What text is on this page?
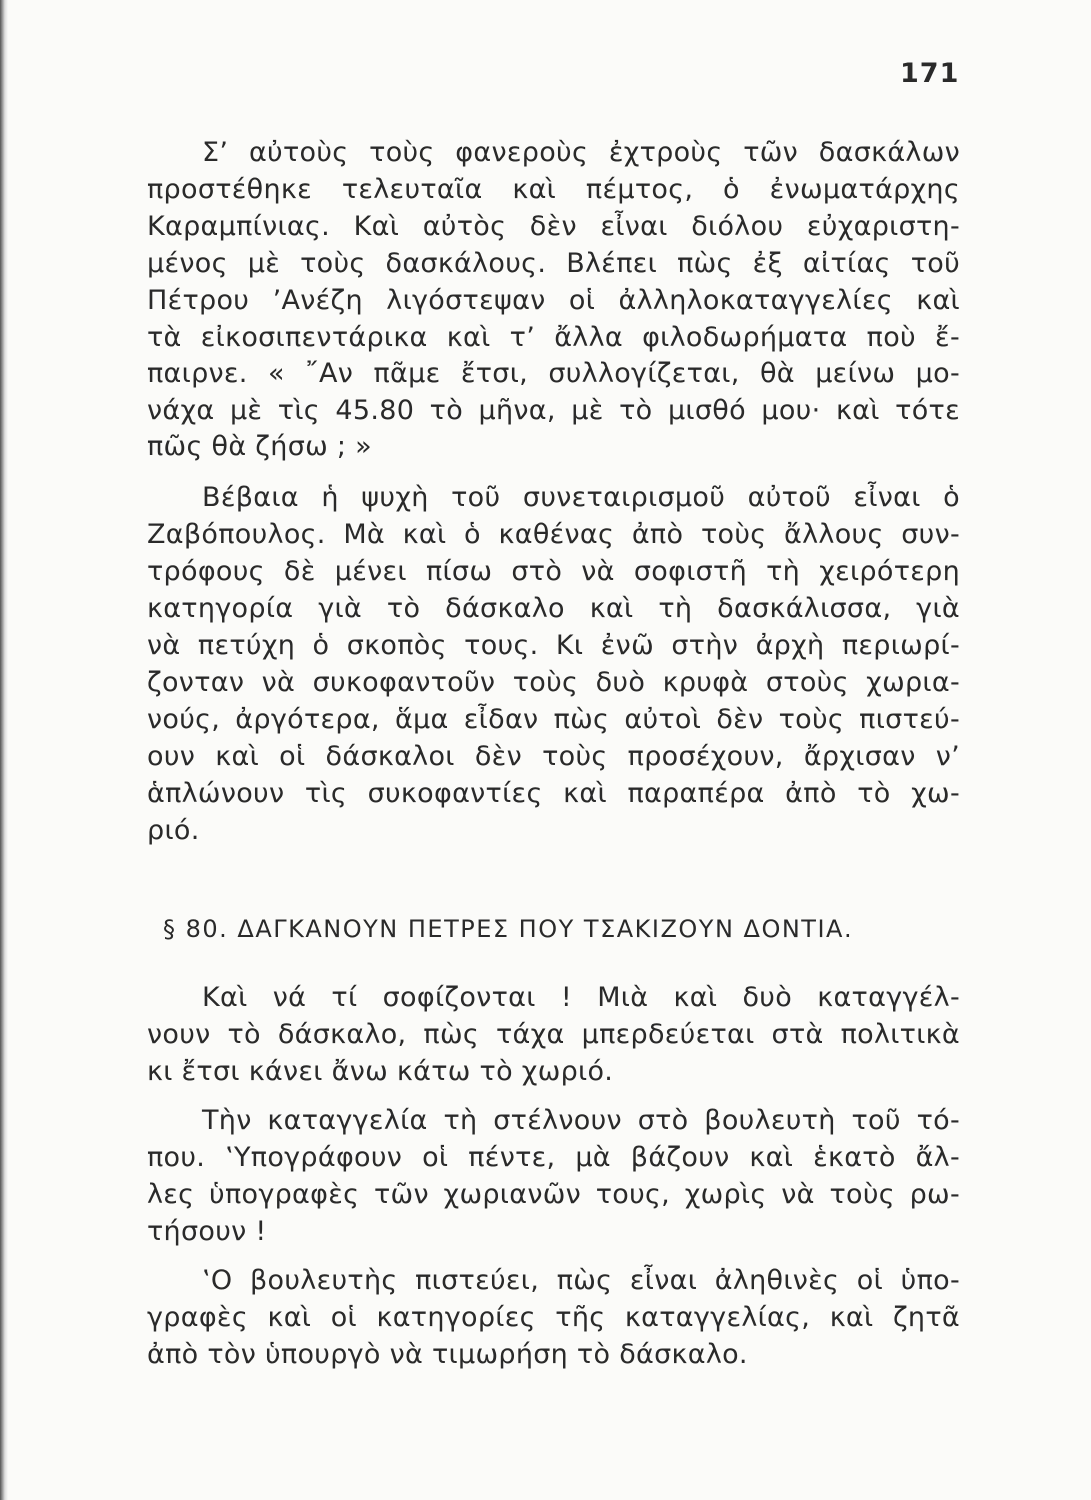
171
Σ’ αὐτοὺς τοὺς φανεροὺς ἐχτροὺς τῶν δασκάλων
προστέθηκε τελευταῖα καὶ πέμτος, ὁ ἐνωματάρχης
Καραμπίνιας. Καὶ αὐτὸς δὲν εἶναι διόλου εὐχαριστη-
μένος μὲ τοὺς δασκάλους. Βλέπει πὼς ἐξ αἰτίας τοῦ
Πέτρου ’Ανέζη λιγόστεψαν οἱ ἀλληλοκαταγγελίες καὶ
τὰ εἰκοσιπεντάρικα καὶ τ’ ἄλλα φιλοδωρήματα ποὺ ἔ-
παιρνε. « ῎Αν πᾶμε ἔτσι, συλλογίζεται, θὰ μείνω μο-
νάχα μὲ τὶς 45.80 τὸ μῆνα, μὲ τὸ μισθό μου· καὶ τότε
πῶς θὰ ζήσω ; »
Βέβαια ἡ ψυχὴ τοῦ συνεταιρισμοῦ αὐτοῦ εἶναι ὁ
Ζαβόπουλος. Μὰ καὶ ὁ καθένας ἀπὸ τοὺς ἄλλους συν-
τρόφους δὲ μένει πίσω στὸ νὰ σοφιστῆ τὴ χειρότερη
κατηγορία γιὰ τὸ δάσκαλο καὶ τὴ δασκάλισσα, γιὰ
νὰ πετύχη ὁ σκοπὸς τους. Κι ἐνῶ στὴν ἀρχὴ περιωρί-
ζονταν νὰ συκοφαντοῦν τοὺς δυὸ κρυφὰ στοὺς χωρια-
νούς, ἀργότερα, ἅμα εἶδαν πὼς αὐτοὶ δὲν τοὺς πιστεύ-
ουν καὶ οἱ δάσκαλοι δὲν τοὺς προσέχουν, ἄρχισαν ν’
ἁπλώνουν τὶς συκοφαντίες καὶ παραπέρα ἀπὸ τὸ χω-
ριό.
§ 80. ΔΑΓΚΑΝΟΥΝ ΠΕΤΡΕΣ ΠΟΥ ΤΣΑΚΙΖΟΥΝ ΔΟΝΤΙΑ.
Καὶ νά τί σοφίζονται ! Μιὰ καὶ δυὸ καταγγέλ-
νουν τὸ δάσκαλο, πὼς τάχα μπερδεύεται στὰ πολιτικὰ
κι ἔτσι κάνει ἄνω κάτω τὸ χωριό.
Τὴν καταγγελία τὴ στέλνουν στὸ βουλευτὴ τοῦ τό-
που. ‛Υπογράφουν οἱ πέντε, μὰ βάζουν καὶ ἑκατὸ ἄλ-
λες ὑπογραφὲς τῶν χωριανῶν τους, χωρὶς νὰ τοὺς ρω-
τήσουν !
‛Ο βουλευτὴς πιστεύει, πὼς εἶναι ἀληθινὲς οἱ ὑπο-
γραφὲς καὶ οἱ κατηγορίες τῆς καταγγελίας, καὶ ζητᾶ
ἀπὸ τὸν ὑπουργὸ νὰ τιμωρήση τὸ δάσκαλο.
